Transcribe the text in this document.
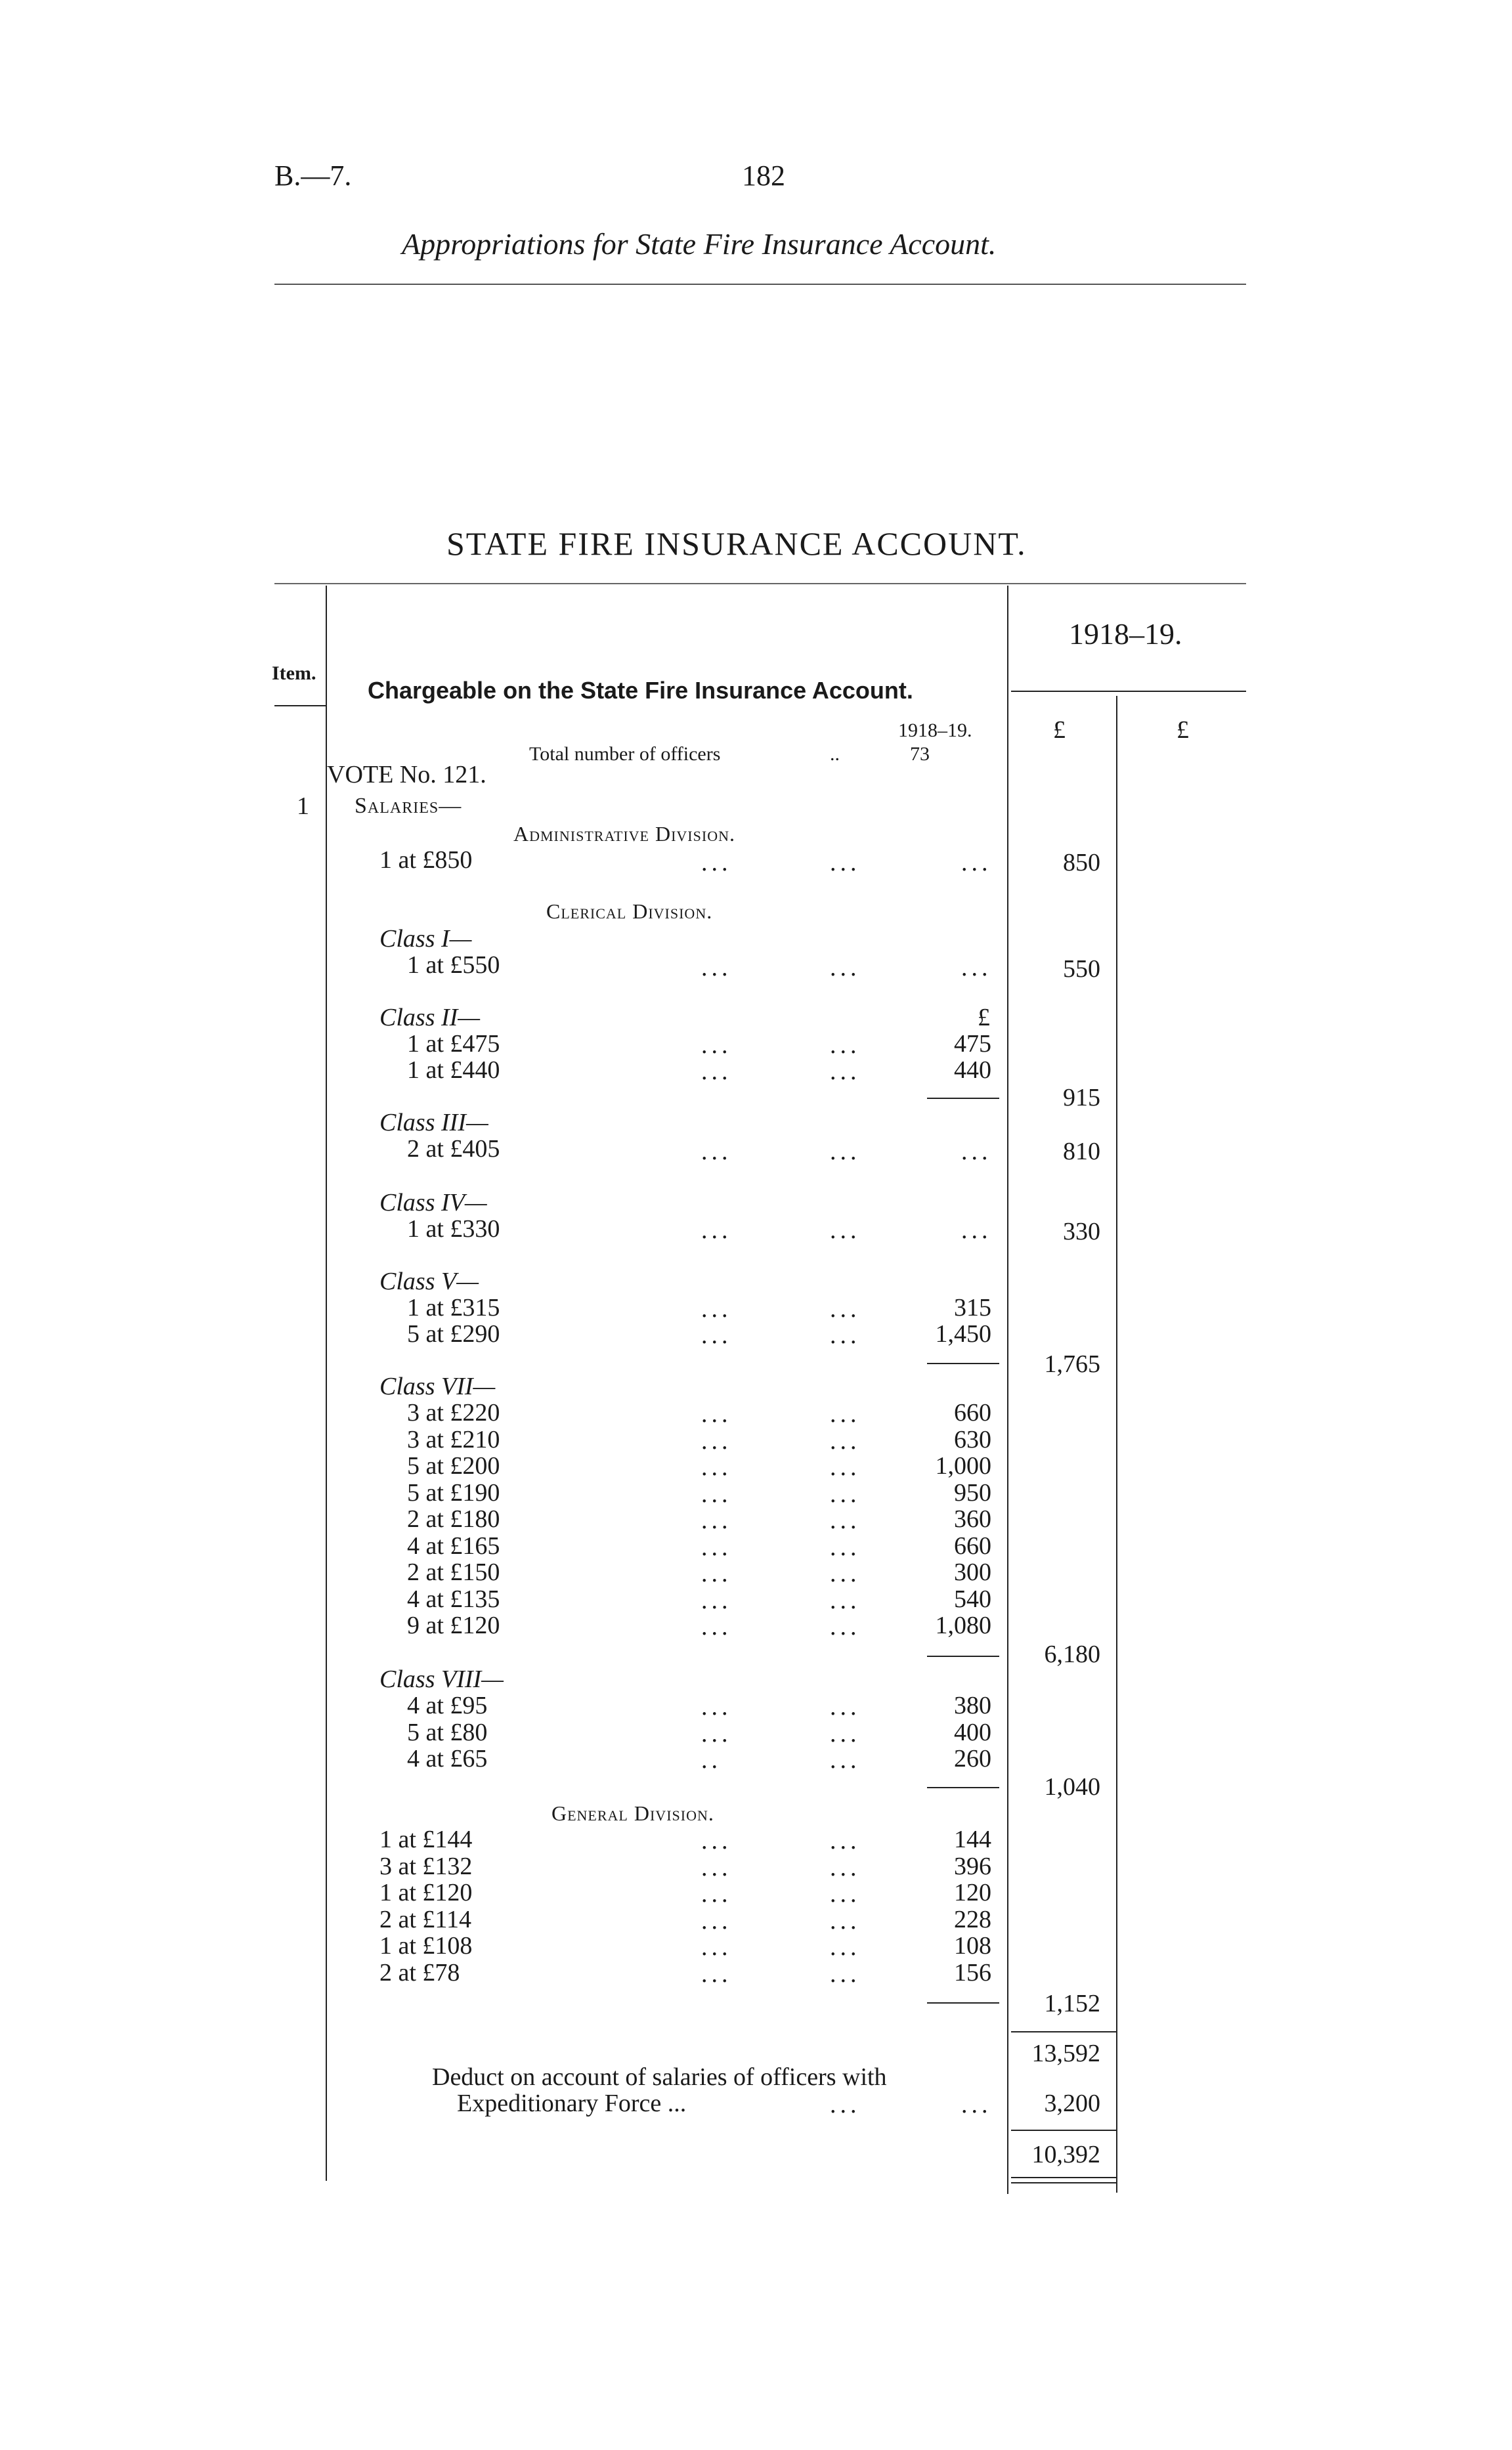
B.—7.	182
Appropriations for State Fire Insurance Account.
STATE FIRE INSURANCE ACCOUNT.
Item.
1918–19.
£	£
Chargeable on the State Fire Insurance Account.
Total number of officers	..
1918–19.
73
VOTE No. 121.
1 Salaries—
Administrative Division.
1 at £850	...	...	...	850
Clerical Division.
Class I—
1 at £550	...	...	...	550
Class II—	£
1 at £475	...	...	475
1 at £440	...	...	440
915
Class III—
2 at £405	...	...	...	810
Class IV—
1 at £330	...	...	...	330
Class V—
1 at £315	...	...	315
5 at £290	...	...	1,450
1,765
Class VII—
3 at £220	...	...	660
3 at £210	...	...	630
5 at £200	...	...	1,000
5 at £190	...	...	950
2 at £180	...	...	360
4 at £165	...	...	660
2 at £150	...	...	300
4 at £135	...	...	540
9 at £120	...	...	1,080
6,180
Class VIII—
4 at £95	...	...	380
5 at £80	...	...	400
4 at £65	..	...	260
1,040
General Division.
1 at £144	...	...	144
3 at £132	...	...	396
1 at £120	...	...	120
2 at £114	...	...	228
1 at £108	...	...	108
2 at £78	...	...	156
1,152
13,592
Deduct on account of salaries of officers with
Expeditionary Force ...	...	...	3,200
10,392
